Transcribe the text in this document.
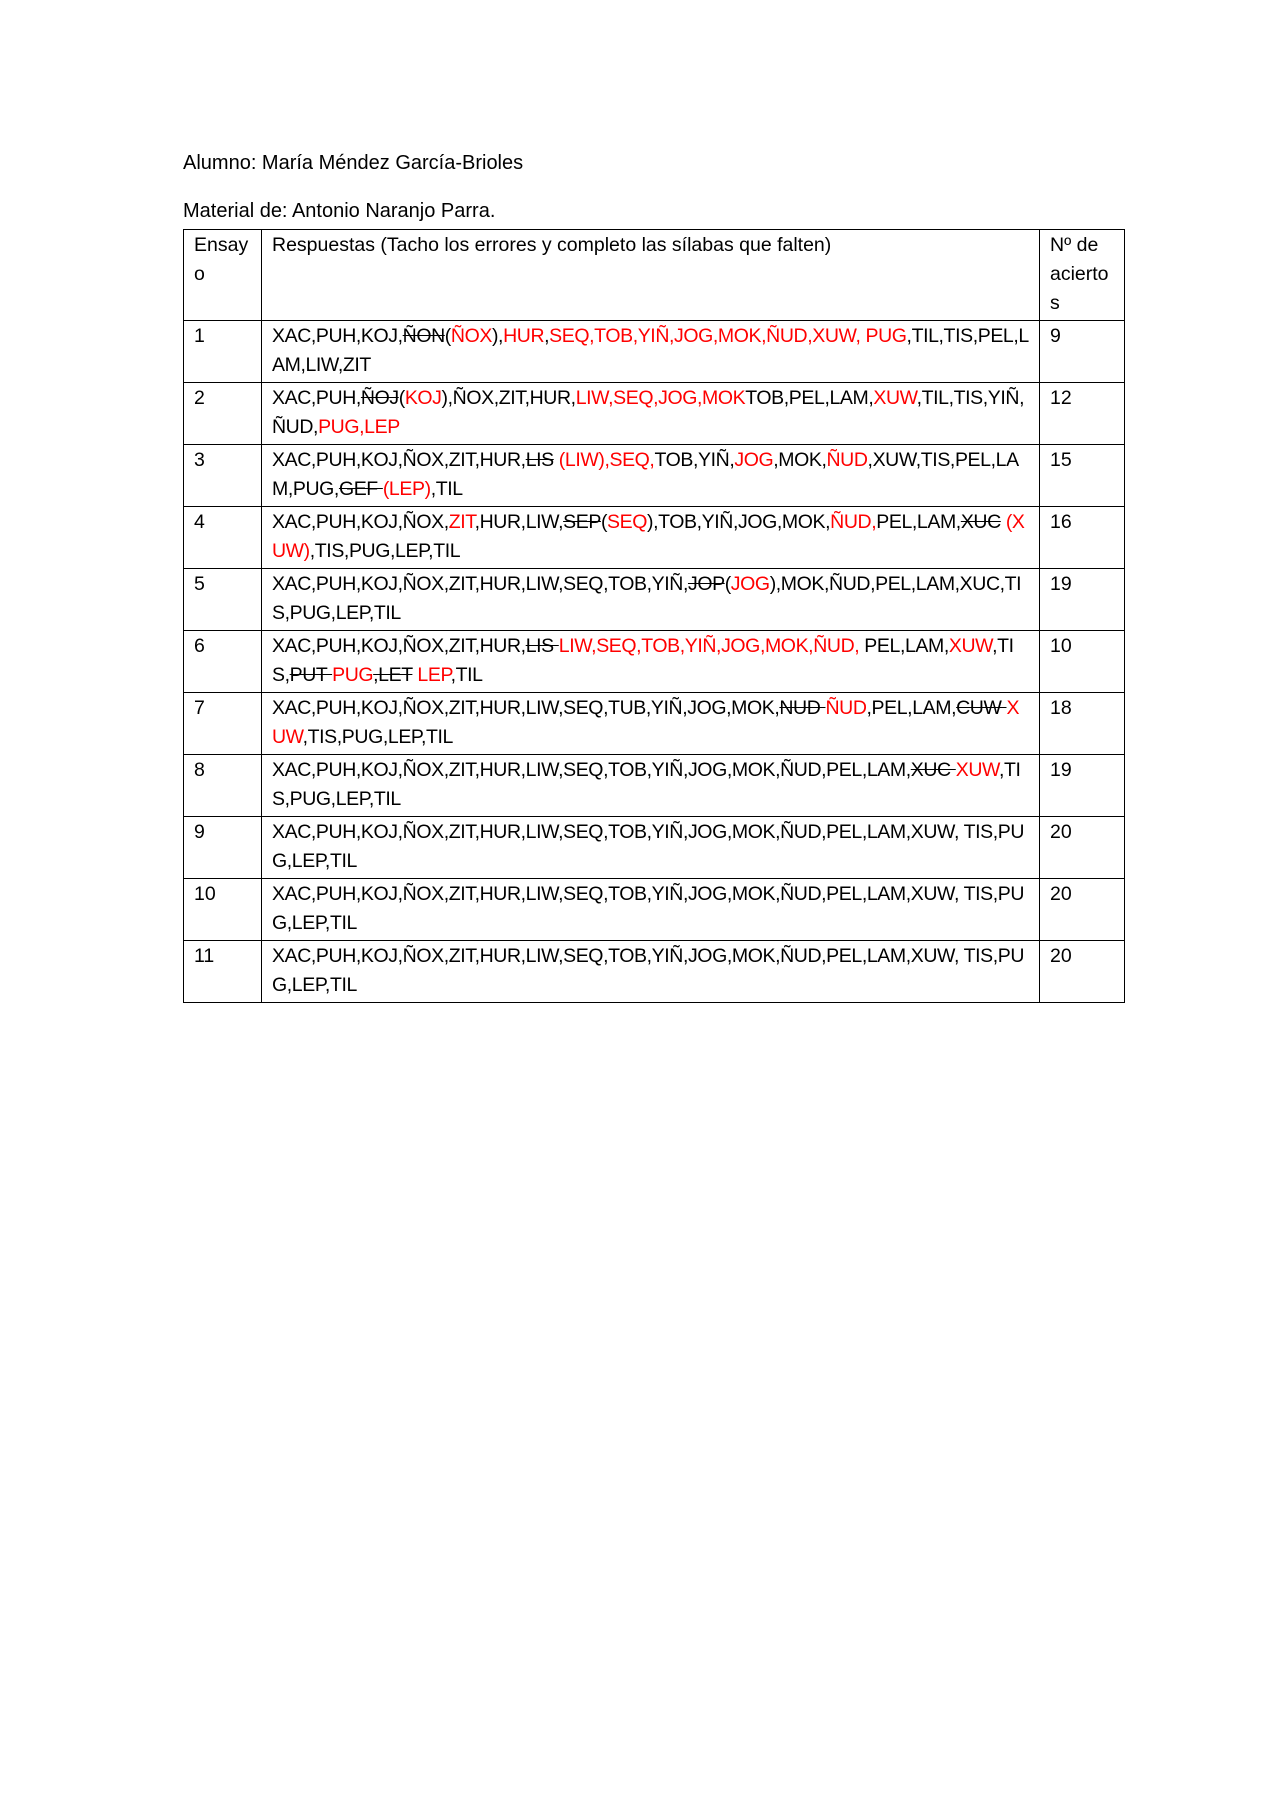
Alumno: María Méndez García-Brioles

Material de: Antonio Naranjo Parra.

Ensayo	Respuestas (Tacho los errores y completo las sílabas que falten)	Nº de aciertos
1	XAC,PUH,KOJ,ÑON(ÑOX),HUR,SEQ,TOB,YIÑ,JOG,MOK,ÑUD,XUW, PUG,TIL,TIS,PEL,LAM,LIW,ZIT	9
2	XAC,PUH,ÑOJ(KOJ),ÑOX,ZIT,HUR,LIW,SEQ,JOG,MOKTOB,PEL,LAM,XUW,TIL,TIS,YIÑ,ÑUD,PUG,LEP	12
3	XAC,PUH,KOJ,ÑOX,ZIT,HUR,LIS (LIW),SEQ,TOB,YIÑ,JOG,MOK,ÑUD,XUW,TIS,PEL,LAM,PUG,GEF (LEP),TIL	15
4	XAC,PUH,KOJ,ÑOX,ZIT,HUR,LIW,SEP(SEQ),TOB,YIÑ,JOG,MOK,ÑUD,PEL,LAM,XUC (XUW),TIS,PUG,LEP,TIL	16
5	XAC,PUH,KOJ,ÑOX,ZIT,HUR,LIW,SEQ,TOB,YIÑ,JOP(JOG),MOK,ÑUD,PEL,LAM,XUC,TIS,PUG,LEP,TIL	19
6	XAC,PUH,KOJ,ÑOX,ZIT,HUR,LIS LIW,SEQ,TOB,YIÑ,JOG,MOK,ÑUD, PEL,LAM,XUW,TIS,PUT PUG,LET LEP,TIL	10
7	XAC,PUH,KOJ,ÑOX,ZIT,HUR,LIW,SEQ,TUB,YIÑ,JOG,MOK,NUD ÑUD,PEL,LAM,CUW XUW,TIS,PUG,LEP,TIL	18
8	XAC,PUH,KOJ,ÑOX,ZIT,HUR,LIW,SEQ,TOB,YIÑ,JOG,MOK,ÑUD,PEL,LAM,XUC XUW,TIS,PUG,LEP,TIL	19
9	XAC,PUH,KOJ,ÑOX,ZIT,HUR,LIW,SEQ,TOB,YIÑ,JOG,MOK,ÑUD,PEL,LAM,XUW, TIS,PUG,LEP,TIL	20
10	XAC,PUH,KOJ,ÑOX,ZIT,HUR,LIW,SEQ,TOB,YIÑ,JOG,MOK,ÑUD,PEL,LAM,XUW, TIS,PUG,LEP,TIL	20
11	XAC,PUH,KOJ,ÑOX,ZIT,HUR,LIW,SEQ,TOB,YIÑ,JOG,MOK,ÑUD,PEL,LAM,XUW, TIS,PUG,LEP,TIL	20
